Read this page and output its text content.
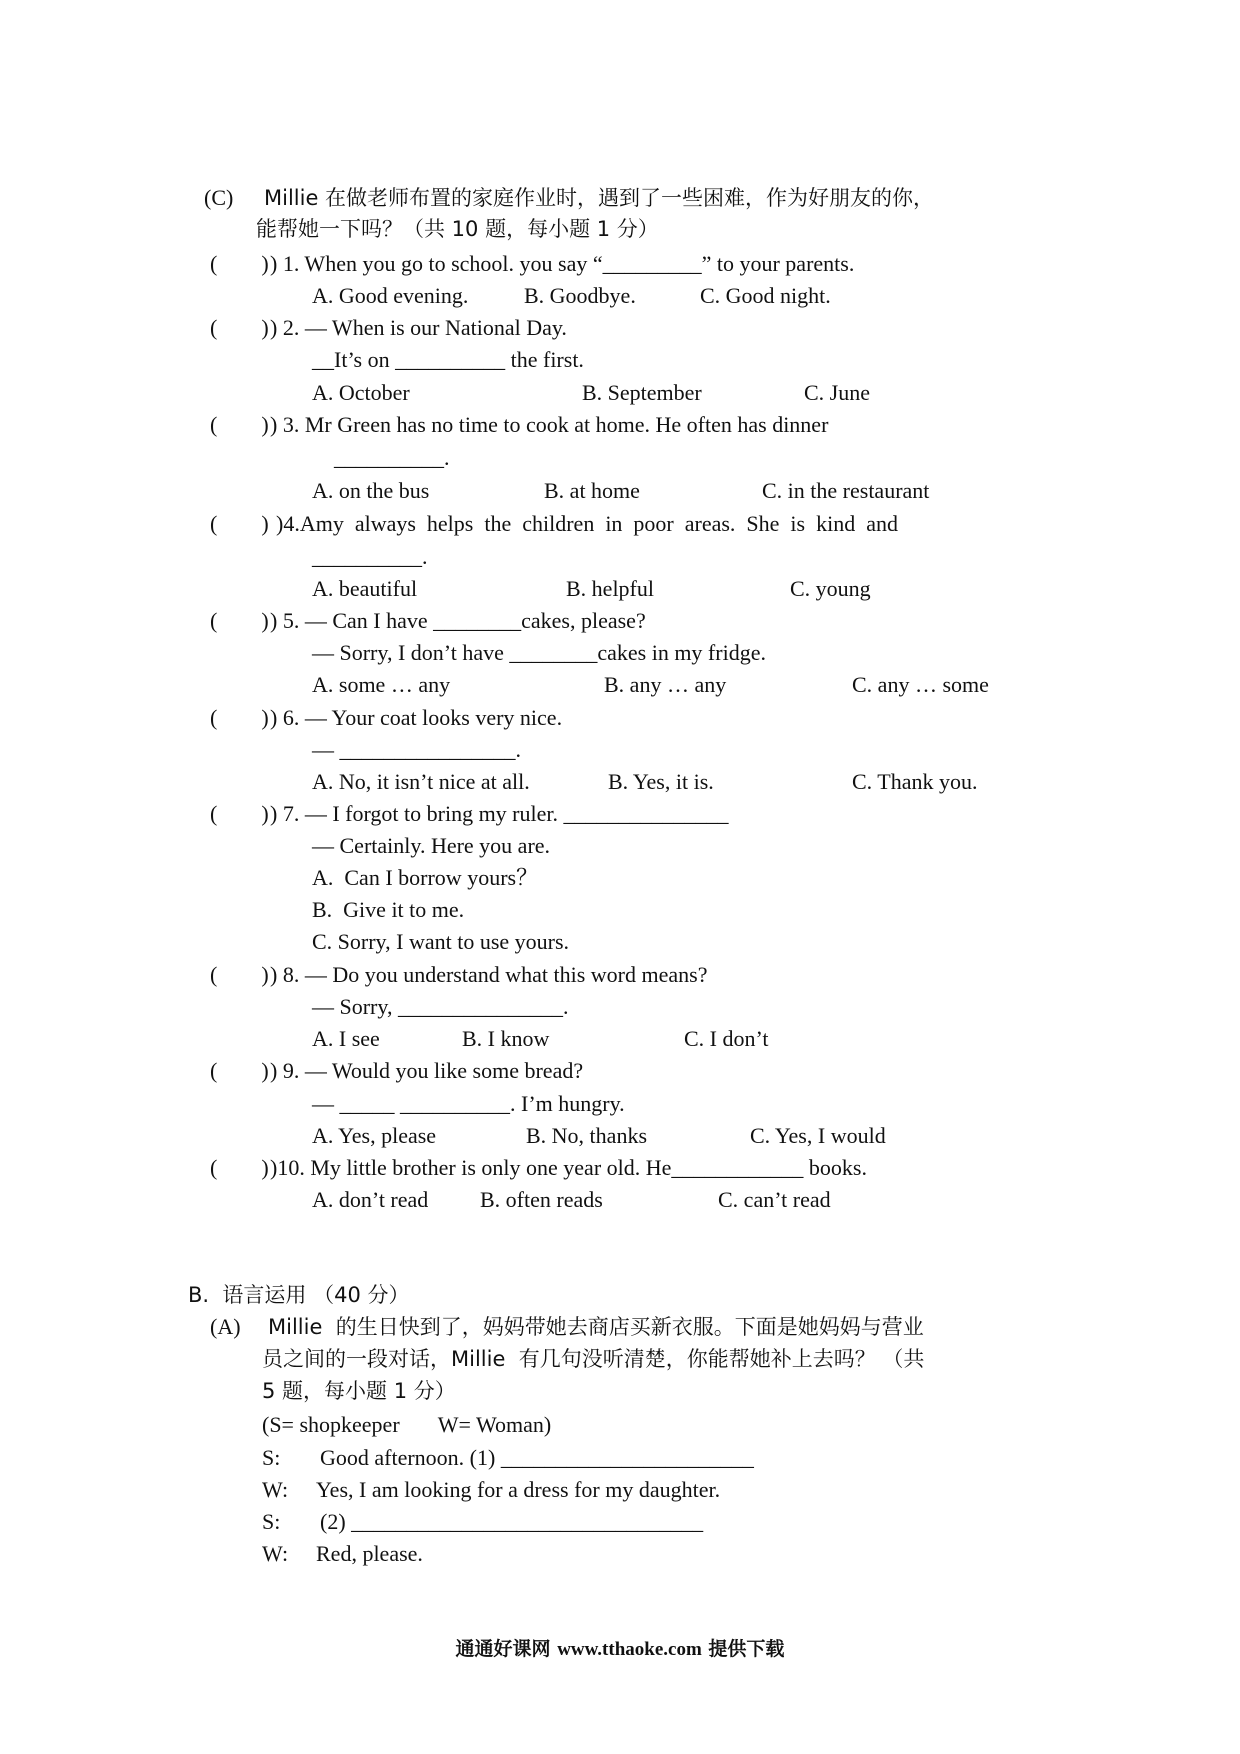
(C) Millie 在做老师布置的家庭作业时，遇到了一些困难，作为好朋友的你，
能帮她一下吗？（共 10 题，每小题 1 分）
(        ) ) 1. When you go to school. you say “_________” to your parents.
A. Good evening.	B. Goodbye.	C. Good night.
(        ) ) 2. — When is our National Day.
__It’s on __________ the first.
A. October	B. September	C. June
(        ) ) 3. Mr Green has no time to cook at home. He often has dinner
__________.
A. on the bus	B. at home	C. in the restaurant
(        ) )4.Amy  always  helps  the  children  in  poor  areas.  She  is  kind  and
__________.
A. beautiful	B. helpful	C. young
(        ) ) 5. — Can I have ________cakes, please?
— Sorry, I don’t have ________cakes in my fridge.
A. some … any	B. any … any	C. any … some
(        ) ) 6. — Your coat looks very nice.
— ________________.
A. No, it isn’t nice at all.	B. Yes, it is.	C. Thank you.
(        ) ) 7. — I forgot to bring my ruler. _______________
— Certainly. Here you are.
A.  Can I borrow yours？
B.  Give it to me.
C. Sorry, I want to use yours.
(        ) ) 8. — Do you understand what this word means?
— Sorry, _______________.
A. I see	B. I know	C. I don’t
(        ) ) 9. — Would you like some bread?
— _____ __________. I’m hungry.
A. Yes, please	B. No, thanks	C. Yes, I would
(        ) )10. My little brother is only one year old. He____________ books.
A. don’t read B. often reads	C. can’t read
B.  语言运用 （40 分）
(A) Millie  的生日快到了，妈妈带她去商店买新衣服。下面是她妈妈与营业
员之间的一段对话，Millie  有几句没听清楚，你能帮她补上去吗？ （共
5 题，每小题 1 分）
(S= shopkeeper       W= Woman)
S: Good afternoon. (1) _______________________
W: Yes, I am looking for a dress for my daughter.
S: (2) ________________________________
W: Red, please.
通通好课网 www.tthaoke.com 提供下载
